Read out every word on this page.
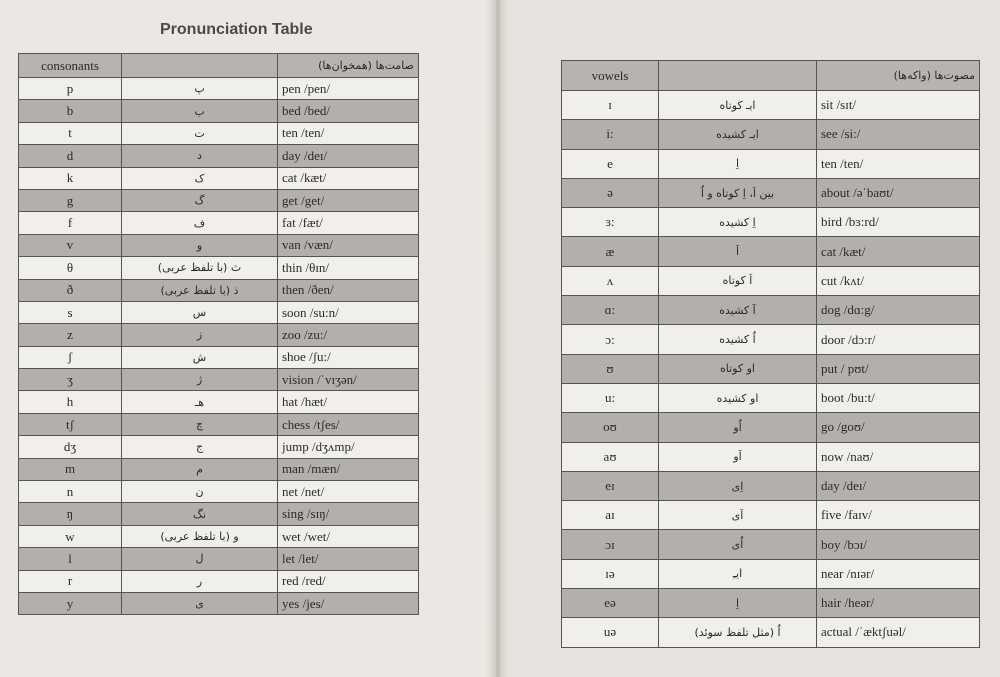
Pronunciation Table
consonants		صامت‌ها (همخوان‌ها)
p	پ	pen /pen/
b	ب	bed /bed/
t	ت	ten /ten/
d	د	day /deɪ/
k	ک	cat /kæt/
g	گ	get /get/
f	ف	fat /fæt/
v	و	van /væn/
θ	ث (با تلفظ عربی)	thin /θɪn/
ð	ذ (با تلفظ عربی)	then /ðen/
s	س	soon /su:n/
z	ز	zoo /zu:/
ʃ	ش	shoe /ʃu:/
ʒ	ژ	vision /ˈvɪʒən/
h	هـ	hat /hæt/
tʃ	چ	chess /tʃes/
dʒ	ج	jump /dʒʌmp/
m	م	man /mæn/
n	ن	net /net/
ŋ	نگ	sing /sɪŋ/
w	و (با تلفظ عربی)	wet /wet/
l	ل	let /let/
r	ر	red /red/
y	ی	yes /jes/
vowels		مصوت‌ها (واکه‌ها)
ɪ	ایـ کوتاه	sit /sɪt/
i:	ایـ کشیده	see /si:/
e	اِ	ten /ten/
ə	بین اَ، اِ کوتاه و اُ	about /əˈbaʊt/
ɜ:	اِ کشیده	bird /bɜ:rd/
æ	اَ	cat /kæt/
ʌ	اَ کوتاه	cut /kʌt/
ɑ:	آ کشیده	dog /dɑ:g/
ɔ:	اُ کشیده	door /dɔ:r/
ʊ	او کوتاه	put / pʊt/
u:	او کشیده	boot /bu:t/
oʊ	اُو	go /goʊ/
aʊ	اَو	now /naʊ/
eɪ	اِی	day /deɪ/
aɪ	اَی	five /faɪv/
ɔɪ	اُی	boy /bɔɪ/
ɪə	ایـِ	near /nɪər/
eə	اِ	hair /heər/
uə	اُ (مثل تلفظ سوئد)	actual /ˈæktʃuəl/
